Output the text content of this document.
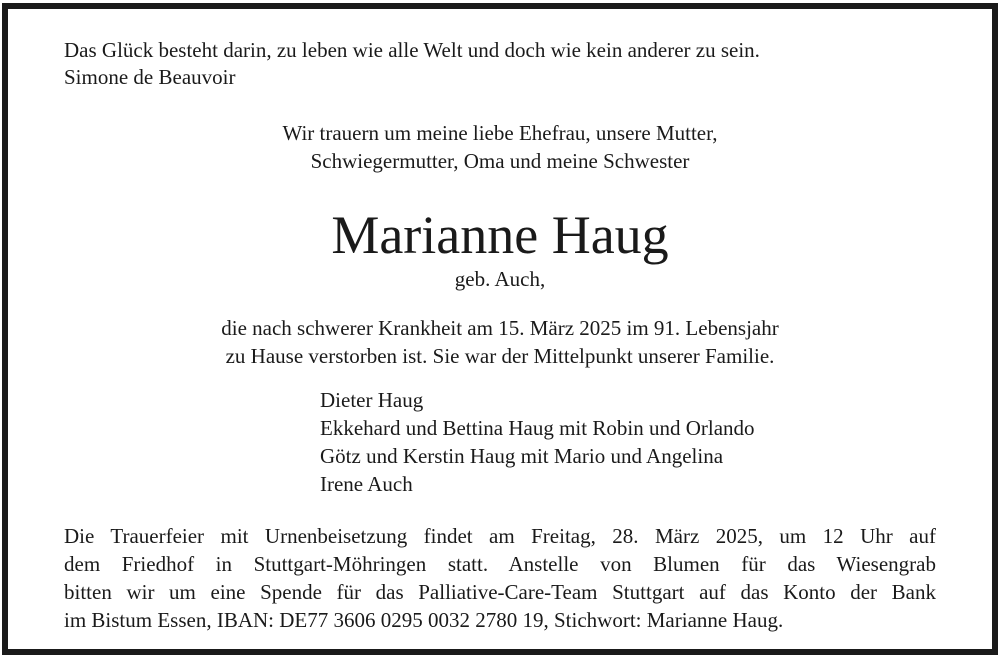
Das Glück besteht darin, zu leben wie alle Welt und doch wie kein anderer zu sein.
Simone de Beauvoir
Wir trauern um meine liebe Ehefrau, unsere Mutter,
Schwiegermutter, Oma und meine Schwester
Marianne Haug
geb. Auch,
die nach schwerer Krankheit am 15. März 2025 im 91. Lebensjahr
zu Hause verstorben ist. Sie war der Mittelpunkt unserer Familie.
Dieter Haug
Ekkehard und Bettina Haug mit Robin und Orlando
Götz und Kerstin Haug mit Mario und Angelina
Irene Auch
Die Trauerfeier mit Urnenbeisetzung findet am Freitag, 28. März 2025, um 12 Uhr auf
dem Friedhof in Stuttgart-Möhringen statt. Anstelle von Blumen für das Wiesengrab
bitten wir um eine Spende für das Palliative-Care-Team Stuttgart auf das Konto der Bank
im Bistum Essen, IBAN: DE77 3606 0295 0032 2780 19, Stichwort: Marianne Haug.
